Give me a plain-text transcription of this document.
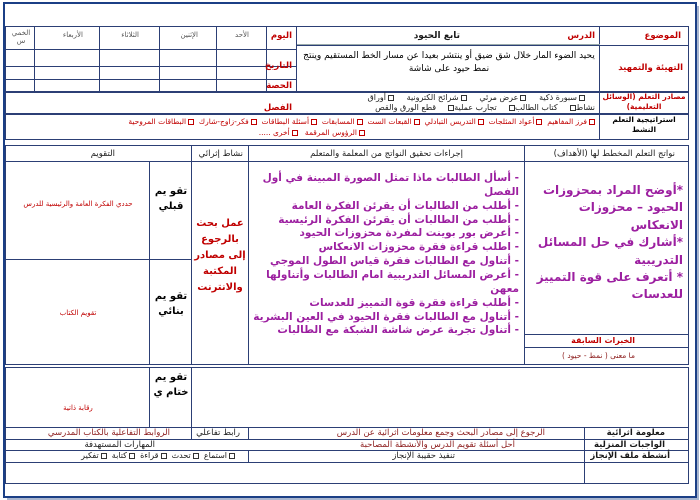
الموضوع
الدرس
تابع الحيود
اليوم
الأحد
الإثنين
الثلاثاء
الأربعاء
الخمي س
التاريخ
الحصة
التهيئة والتمهيد
يحيد الضوء المار خلال شق ضيق أو ينتشر بعيدا عن مسار الخط المستقيم وينتج نمط حيود على شاشة
مصادر التعلم (الوسائل التعليمية)
سبورة ذكية     عرض مرئي     شرائح الكترونية     أوراق
نشاط    كتاب الطالب    تجارب عملية    قطع الورق والقص
الفصل
استراتيجية التعلم النشط
فرز المفاهيم  أعواد المثلجات  التدريس التبادلي  القبعات الست  المسابقات  أسئلة البطاقات  فكر-زاوج-شارك  البطاقات المروحية
الرؤوس المرقمة   أخرى .....
نواتج التعلم المخطط لها (الأهداف)
إجراءات تحقيق النواتج من المعلمة والمتعلم
نشاط إثرائي
التقويم
*أوضح المراد بمحزوزات الحيود – محزوزات الانعكاس
*أشارك في حل المسائل التدريبية
* أتعرف على قوة التمييز للعدسات
الخبرات السابقة
ما معنى ( نمط - حيود )
- أسأل الطالبات ماذا تمثل الصورة المبينة في أول الفصل
- أطلب من الطالبات أن يقرئن الفكرة العامة
- أطلب من الطالبات أن يقرئن الفكرة الرئيسية
- أعرض بور بوينت لمفردة محزوزات الحيود
- اطلب قراءة فقرة محزوزات الانعكاس
- أتناول مع الطالبات فقرة قياس الطول الموجي
- أعرض المسائل التدريبية امام الطالبات وأتناولها معهن
- أطلب قراءة فقرة قوة التمييز للعدسات
- أتناول مع الطالبات فقرة الحيود في العين البشرية
- أتناول تجربة عرض شاشة الشبكة مع الطالبات
عمل بحث بالرجوع إلى مصادر المكتبة والانترنت
تقو يم قبلي
حددي الفكرة العامة والرئيسية للدرس
تقو يم بنائي
تقويم الكتاب
تقو يم ختام ي
رقابة ذاتية
معلومة اثرائية
الرجوع إلى مصادر البحث وجمع معلومات اثرائية عن الدرس
رابط تفاعلي
الروابط التفاعلية بالكتاب المدرسي
الواجبات المنزلية
أحل أسئلة تقويم الدرس والأنشطة المصاحبة
المهارات المستهدفة
أنشطة ملف الإنجاز
تنفيذ حقيبة الإنجاز
استماع  تحدث  قراءة  كتابة  تفكير
